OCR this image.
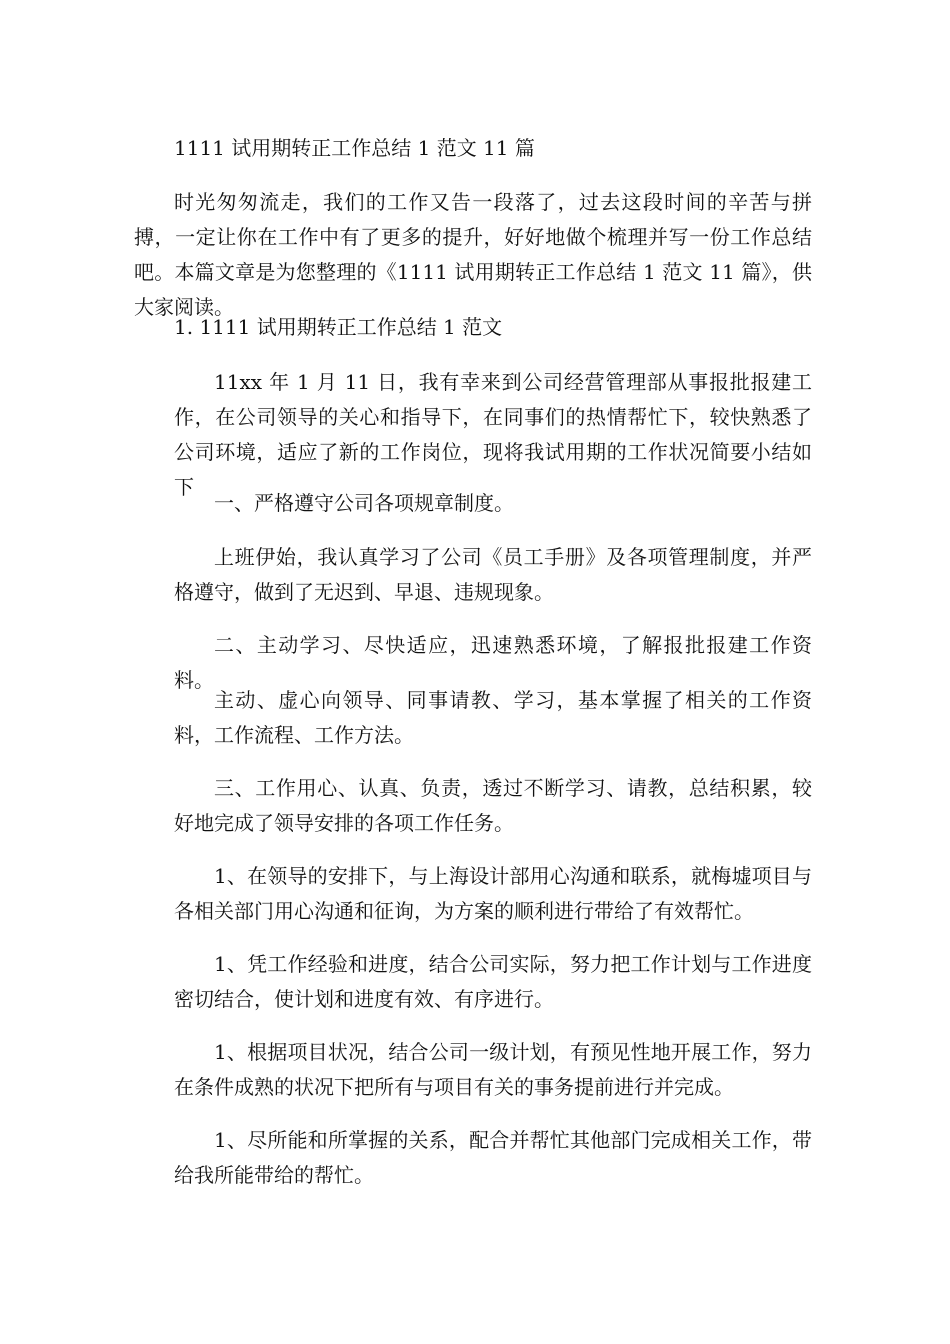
1111 试用期转正工作总结 1 范文 11 篇
时光匆匆流走，我们的工作又告一段落了，过去这段时间的辛苦与拼搏，一定让你在工作中有了更多的提升，好好地做个梳理并写一份工作总结吧。本篇文章是为您整理的《1111 试用期转正工作总结 1 范文 11 篇》，供大家阅读。
1. 1111 试用期转正工作总结 1 范文
11xx 年 1 月 11 日，我有幸来到公司经营管理部从事报批报建工作，在公司领导的关心和指导下，在同事们的热情帮忙下，较快熟悉了公司环境，适应了新的工作岗位，现将我试用期的工作状况简要小结如下
一、严格遵守公司各项规章制度。
上班伊始，我认真学习了公司《员工手册》及各项管理制度，并严格遵守，做到了无迟到、早退、违规现象。
二、主动学习、尽快适应，迅速熟悉环境，了解报批报建工作资料。
主动、虚心向领导、同事请教、学习，基本掌握了相关的工作资料，工作流程、工作方法。
三、工作用心、认真、负责，透过不断学习、请教，总结积累，较好地完成了领导安排的各项工作任务。
1、在领导的安排下，与上海设计部用心沟通和联系，就梅墟项目与各相关部门用心沟通和征询，为方案的顺利进行带给了有效帮忙。
1、凭工作经验和进度，结合公司实际，努力把工作计划与工作进度密切结合，使计划和进度有效、有序进行。
1、根据项目状况，结合公司一级计划，有预见性地开展工作，努力在条件成熟的状况下把所有与项目有关的事务提前进行并完成。
1、尽所能和所掌握的关系，配合并帮忙其他部门完成相关工作，带给我所能带给的帮忙。
